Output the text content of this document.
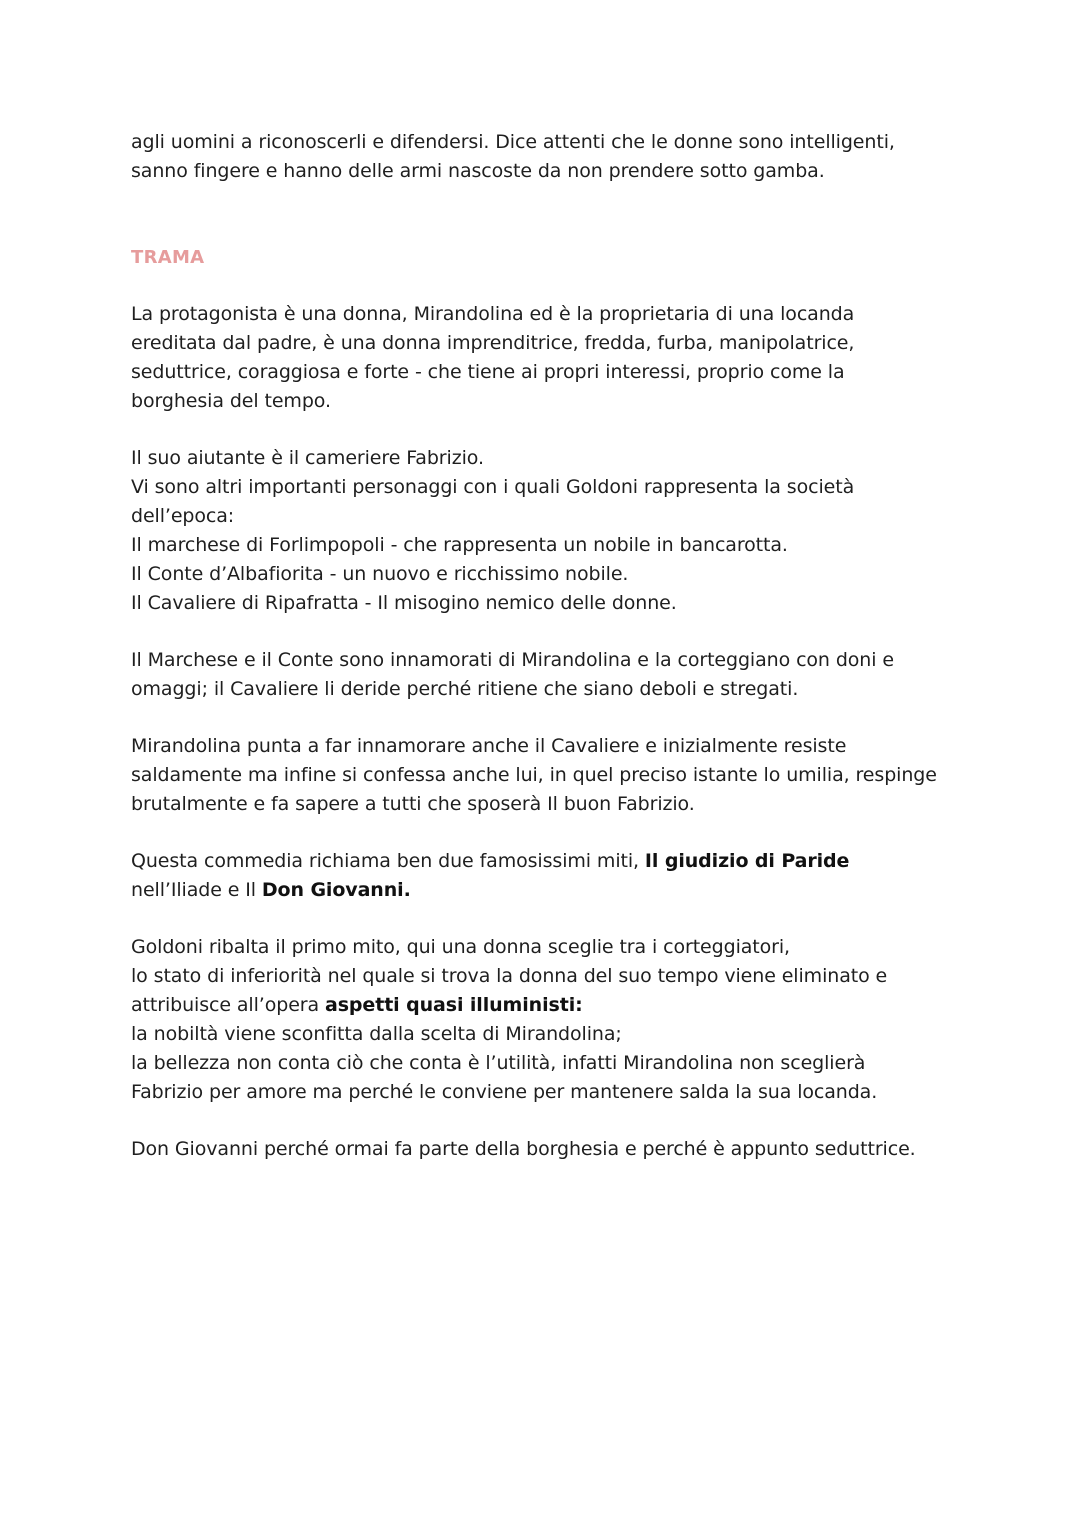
agli uomini a riconoscerli e difendersi. Dice attenti che le donne sono intelligenti,
sanno fingere e hanno delle armi nascoste da non prendere sotto gamba.
TRAMA
La protagonista è una donna, Mirandolina ed è la proprietaria di una locanda
ereditata dal padre, è una donna imprenditrice, fredda, furba, manipolatrice,
seduttrice, coraggiosa e forte - che tiene ai propri interessi, proprio come la
borghesia del tempo.
Il suo aiutante è il cameriere Fabrizio.
Vi sono altri importanti personaggi con i quali Goldoni rappresenta la società
dell’epoca:
Il marchese di Forlimpopoli - che rappresenta un nobile in bancarotta.
Il Conte d’Albafiorita - un nuovo e ricchissimo nobile.
Il Cavaliere di Ripafratta - Il misogino nemico delle donne.
Il Marchese e il Conte sono innamorati di Mirandolina e la corteggiano con doni e
omaggi; il Cavaliere li deride perché ritiene che siano deboli e stregati.
Mirandolina punta a far innamorare anche il Cavaliere e inizialmente resiste
saldamente ma infine si confessa anche lui, in quel preciso istante lo umilia, respinge
brutalmente e fa sapere a tutti che sposerà Il buon Fabrizio.
Questa commedia richiama ben due famosissimi miti, Il giudizio di Paride
nell’Iliade e Il Don Giovanni.
Goldoni ribalta il primo mito, qui una donna sceglie tra i corteggiatori,
lo stato di inferiorità nel quale si trova la donna del suo tempo viene eliminato e
attribuisce all’opera aspetti quasi illuministi:
la nobiltà viene sconfitta dalla scelta di Mirandolina;
la bellezza non conta ciò che conta è l’utilità, infatti Mirandolina non sceglierà
Fabrizio per amore ma perché le conviene per mantenere salda la sua locanda.
Don Giovanni perché ormai fa parte della borghesia e perché è appunto seduttrice.
